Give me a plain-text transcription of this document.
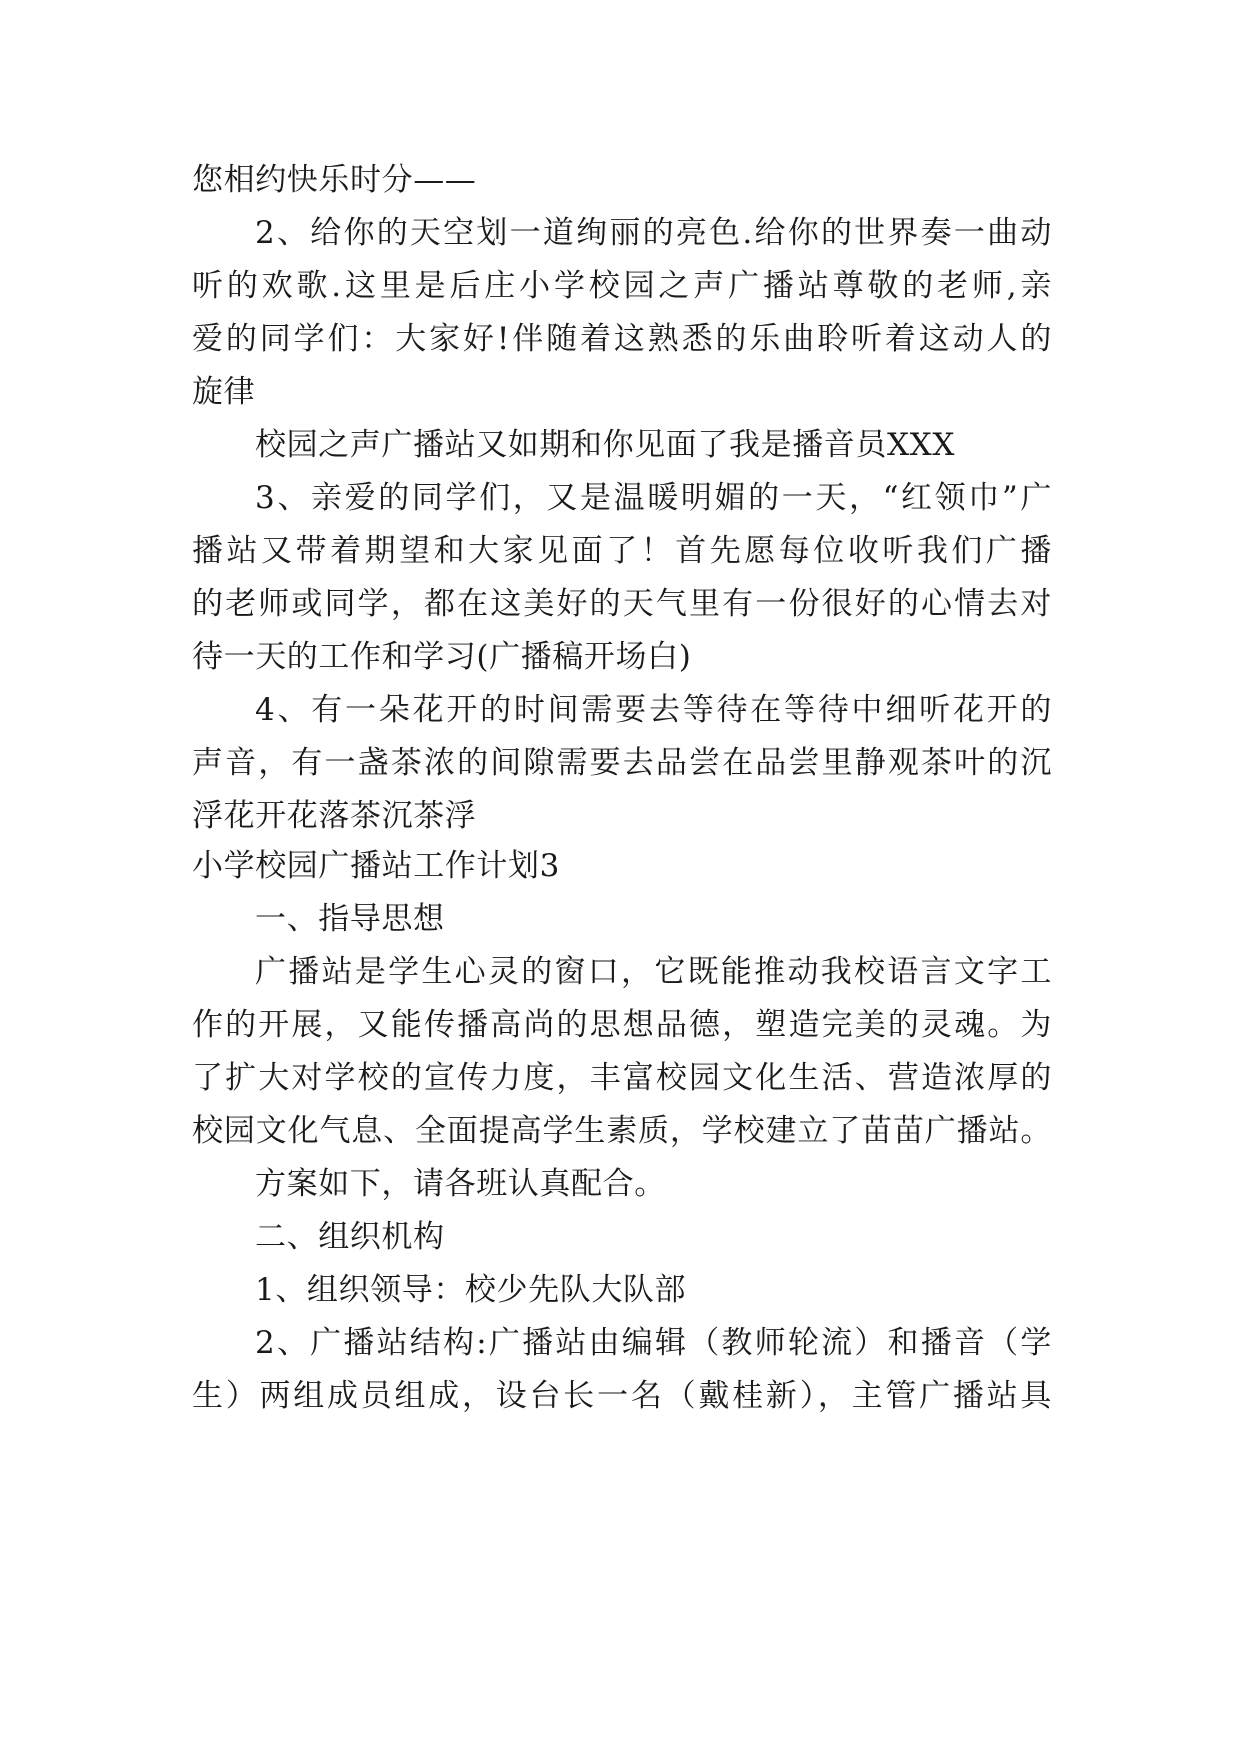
您相约快乐时分——
2、给你的天空划一道绚丽的亮色.给你的世界奏一曲动
听的欢歌.这里是后庄小学校园之声广播站尊敬的老师,亲
爱的同学们：大家好!伴随着这熟悉的乐曲聆听着这动人的
旋律
校园之声广播站又如期和你见面了我是播音员XXX
3、亲爱的同学们，又是温暖明媚的一天，“红领巾”广
播站又带着期望和大家见面了！首先愿每位收听我们广播
的老师或同学，都在这美好的天气里有一份很好的心情去对
待一天的工作和学习(广播稿开场白)
4、有一朵花开的时间需要去等待在等待中细听花开的
声音，有一盏茶浓的间隙需要去品尝在品尝里静观茶叶的沉
浮花开花落茶沉茶浮
小学校园广播站工作计划3
一、指导思想
广播站是学生心灵的窗口，它既能推动我校语言文字工
作的开展，又能传播高尚的思想品德，塑造完美的灵魂。为
了扩大对学校的宣传力度，丰富校园文化生活、营造浓厚的
校园文化气息、全面提高学生素质，学校建立了苗苗广播站。
方案如下，请各班认真配合。
二、组织机构
1、组织领导：校少先队大队部
2、广播站结构:广播站由编辑（教师轮流）和播音（学
生）两组成员组成，设台长一名（戴桂新），主管广播站具
